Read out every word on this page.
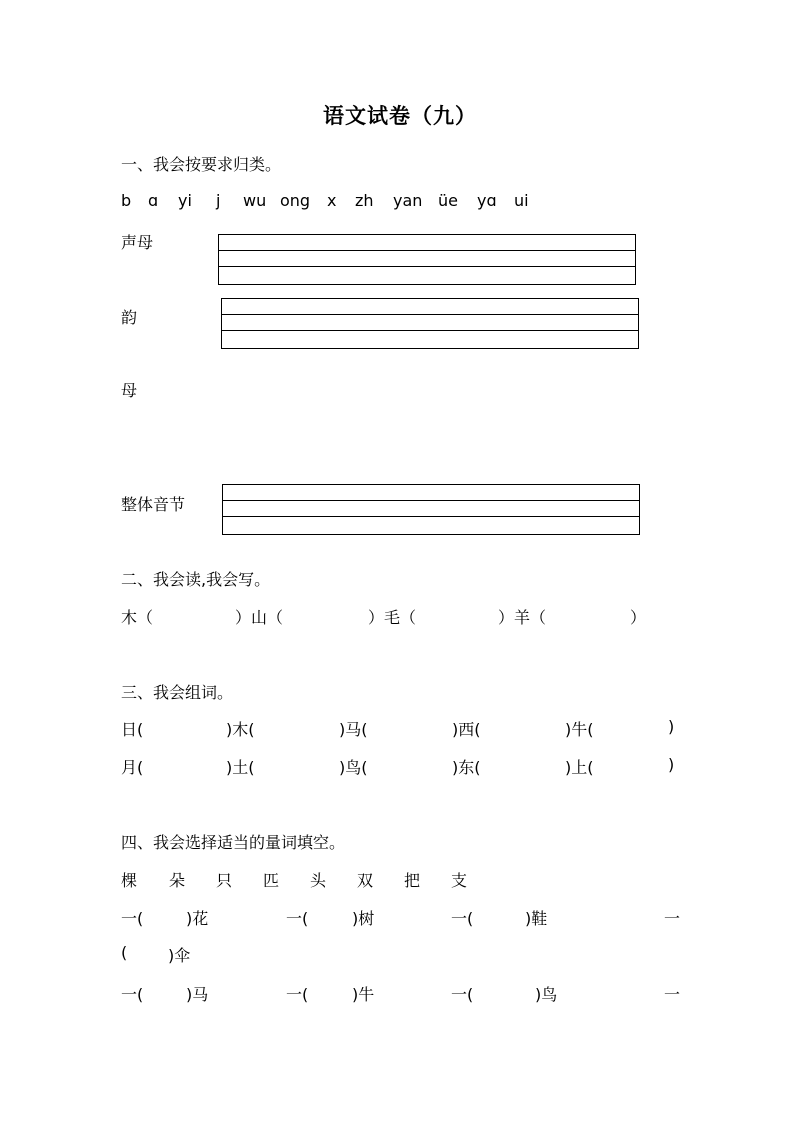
语文试卷（九）
一、我会按要求归类。
b ɑ yi j wu ong x zh yan üe yɑ ui
声母
韵
母
整体音节
二、我会读,我会写。
木（	）山（	）毛（	）羊（	）
三、我会组词。
日(	)木(	)马(	)西(	)牛(	)
月(	)土(	)鸟(	)东(	)上(	)
四、我会选择适当的量词填空。
棵 朵 只 匹 头 双 把 支
一(	)花	一(	)树	一(	)鞋	一
(	)伞
一(	)马	一(	)牛	一(	)鸟	一
